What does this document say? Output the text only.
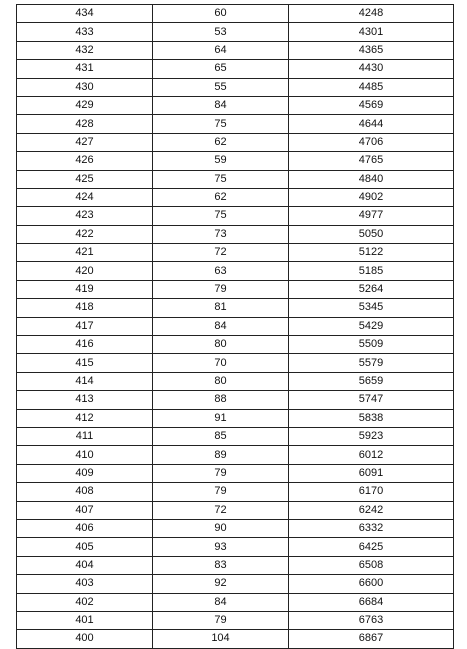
434	60	4248
433	53	4301
432	64	4365
431	65	4430
430	55	4485
429	84	4569
428	75	4644
427	62	4706
426	59	4765
425	75	4840
424	62	4902
423	75	4977
422	73	5050
421	72	5122
420	63	5185
419	79	5264
418	81	5345
417	84	5429
416	80	5509
415	70	5579
414	80	5659
413	88	5747
412	91	5838
411	85	5923
410	89	6012
409	79	6091
408	79	6170
407	72	6242
406	90	6332
405	93	6425
404	83	6508
403	92	6600
402	84	6684
401	79	6763
400	104	6867
